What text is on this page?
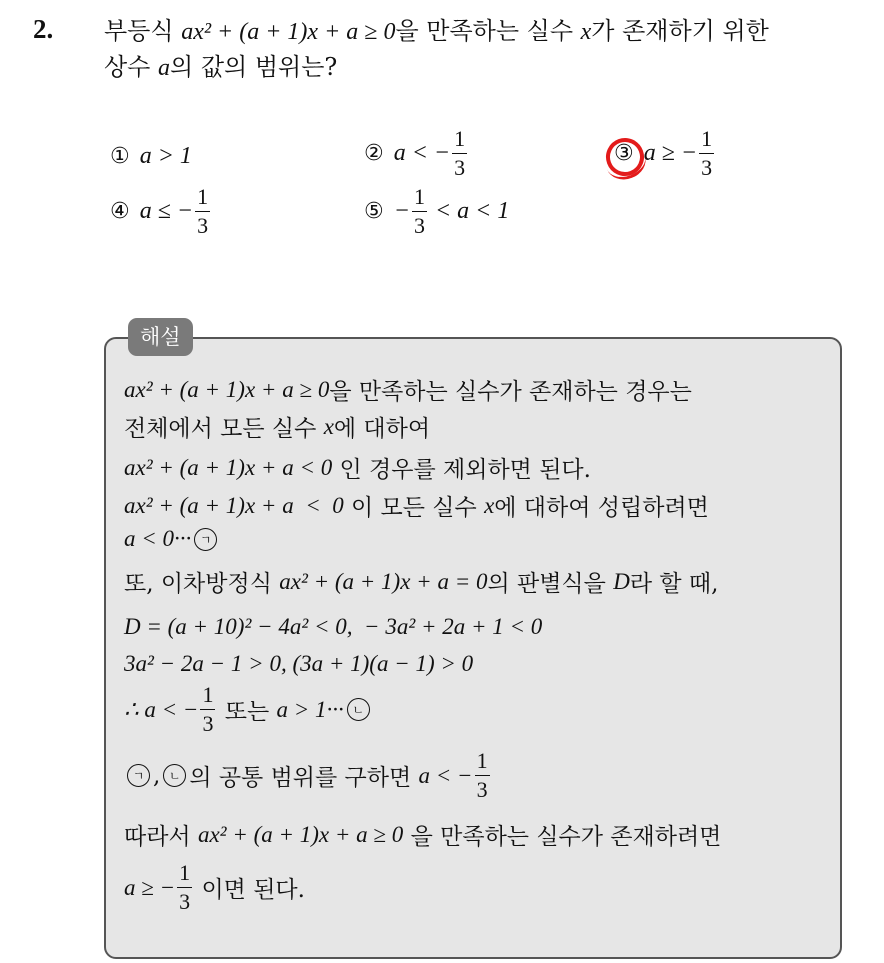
2. 부등식 ax² + (a + 1)x + a ≥ 0을 만족하는 실수 x가 존재하기 위한
상수 a의 값의 범위는?
① a > 1	② a < − $\frac{1}{3}$	③ a ≥ − $\frac{1}{3}$
④ a ≤ − $\frac{1}{3}$	⑤ − $\frac{1}{3} < a < 1$
해설
ax² + (a + 1)x + a ≥ 0 을 만족하는 실수가 존재하는 경우는
전체에서 모든 실수
x 에 대하여
ax² + (a + 1)x + a < 0
인 경우를 제외하면 된다.
ax² + (a + 1)x + a  <  0
이 모든 실수
x 에 대하여 성립하려면
a < 0··· ㄱ
또, 이차방정식
ax² + (a + 1)x + a = 0 의 판별식을
D 라 할 때,
D = (a + 10)² − 4a² < 0,  − 3a² + 2a + 1 < 0
3a² − 2a − 1 > 0, (3a + 1)(a − 1) > 0
∴ a < − $\frac{1}{3}$
또는
a > 1··· ㄴ
ㄱ , ㄴ 의 공통 범위를 구하면
a < − $\frac{1}{3}$
따라서
ax² + (a + 1)x + a ≥ 0
을 만족하는 실수가 존재하려면
a ≥ − $\frac{1}{3}$
이면 된다.
